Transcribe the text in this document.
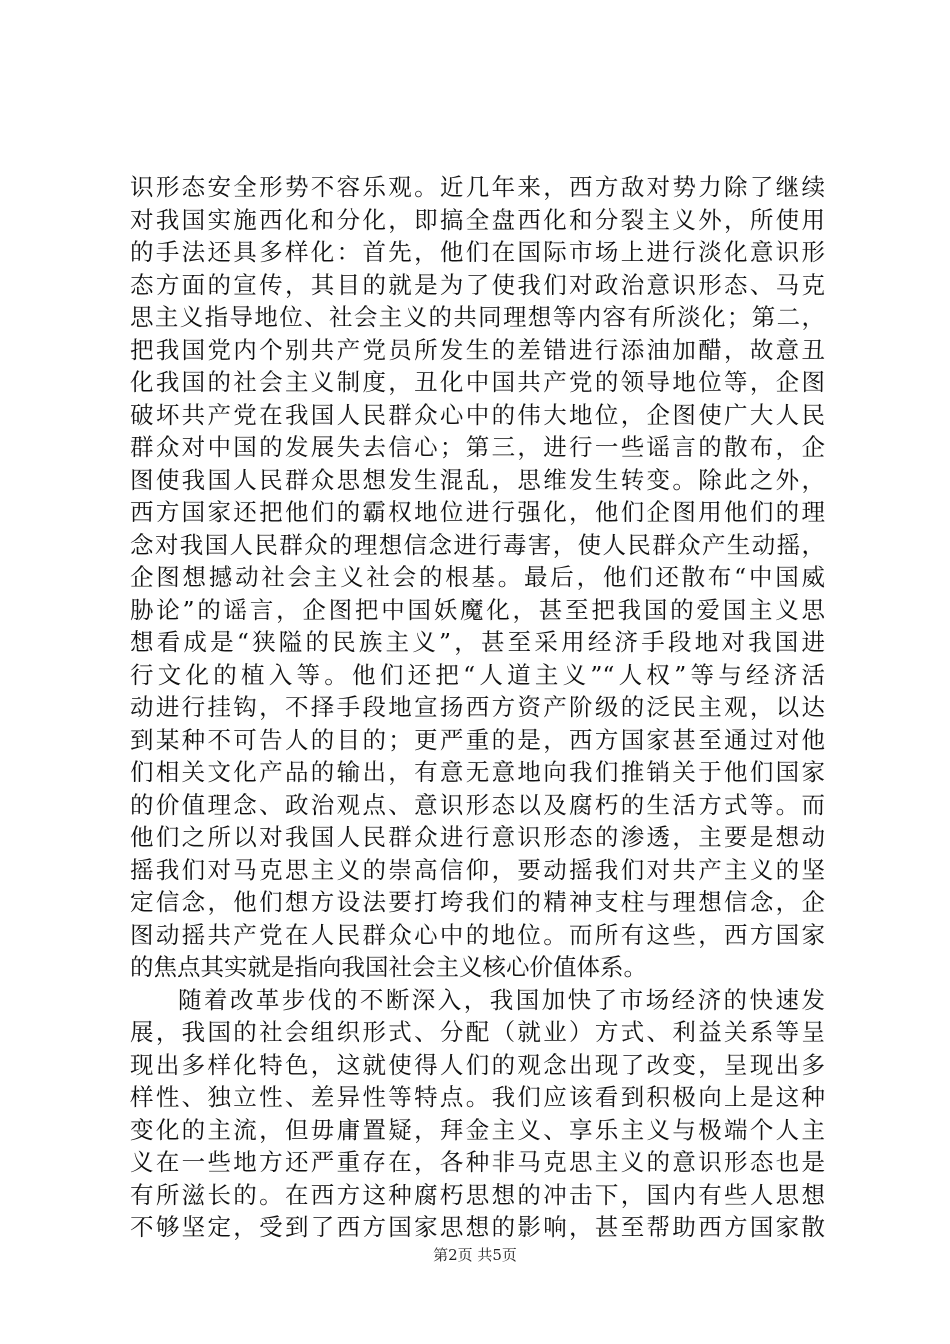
识形态安全形势不容乐观。近几年来，西方敌对势力除了继续
对我国实施西化和分化，即搞全盘西化和分裂主义外，所使用
的手法还具多样化：首先，他们在国际市场上进行淡化意识形
态方面的宣传，其目的就是为了使我们对政治意识形态、马克
思主义指导地位、社会主义的共同理想等内容有所淡化；第二，
把我国党内个别共产党员所发生的差错进行添油加醋，故意丑
化我国的社会主义制度，丑化中国共产党的领导地位等，企图
破坏共产党在我国人民群众心中的伟大地位，企图使广大人民
群众对中国的发展失去信心；第三，进行一些谣言的散布，企
图使我国人民群众思想发生混乱，思维发生转变。除此之外，
西方国家还把他们的霸权地位进行强化，他们企图用他们的理
念对我国人民群众的理想信念进行毒害，使人民群众产生动摇，
企图想撼动社会主义社会的根基。最后，他们还散布“中国威
胁论”的谣言，企图把中国妖魔化，甚至把我国的爱国主义思
想看成是“狭隘的民族主义”，甚至采用经济手段地对我国进
行文化的植入等。他们还把“人道主义”“人权”等与经济活
动进行挂钩，不择手段地宣扬西方资产阶级的泛民主观，以达
到某种不可告人的目的；更严重的是，西方国家甚至通过对他
们相关文化产品的输出，有意无意地向我们推销关于他们国家
的价值理念、政治观点、意识形态以及腐朽的生活方式等。而
他们之所以对我国人民群众进行意识形态的渗透，主要是想动
摇我们对马克思主义的崇高信仰，要动摇我们对共产主义的坚
定信念，他们想方设法要打垮我们的精神支柱与理想信念，企
图动摇共产党在人民群众心中的地位。而所有这些，西方国家
的焦点其实就是指向我国社会主义核心价值体系。
随着改革步伐的不断深入，我国加快了市场经济的快速发
展，我国的社会组织形式、分配（就业）方式、利益关系等呈
现出多样化特色，这就使得人们的观念出现了改变，呈现出多
样性、独立性、差异性等特点。我们应该看到积极向上是这种
变化的主流，但毋庸置疑，拜金主义、享乐主义与极端个人主
义在一些地方还严重存在，各种非马克思主义的意识形态也是
有所滋长的。在西方这种腐朽思想的冲击下，国内有些人思想
不够坚定，受到了西方国家思想的影响，甚至帮助西方国家散
第2页 共5页
